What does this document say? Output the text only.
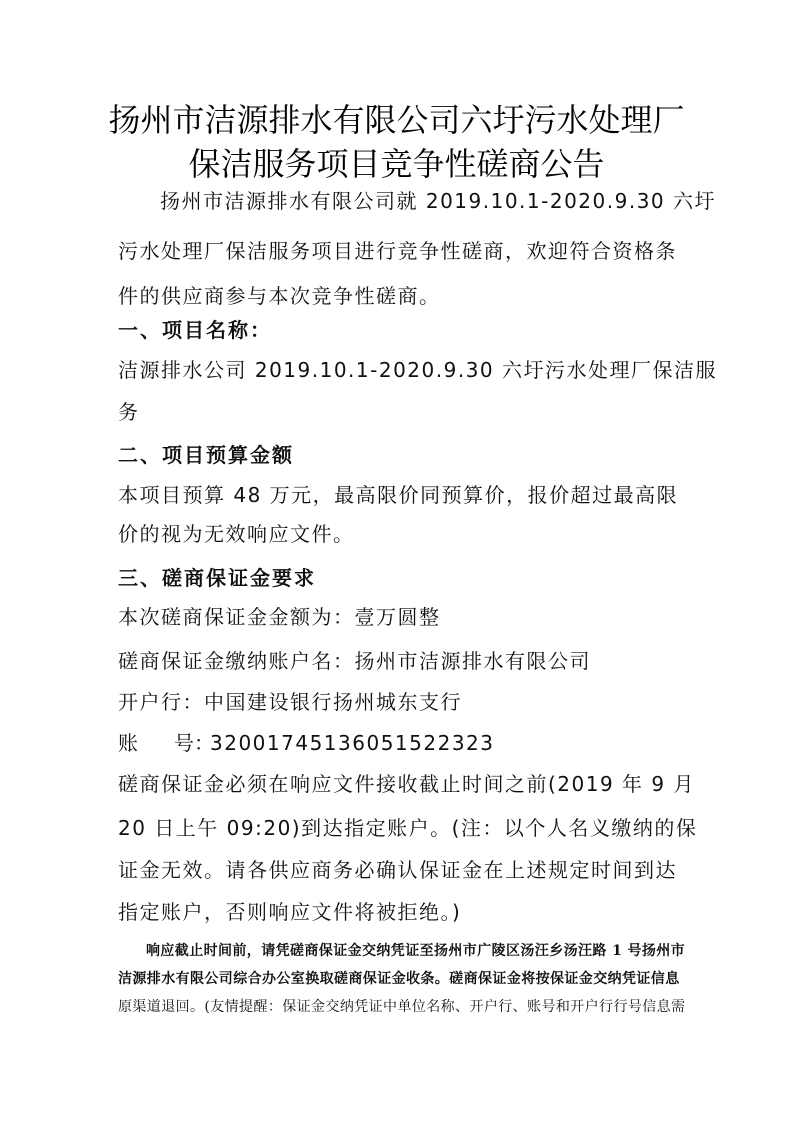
扬州市洁源排水有限公司六圩污水处理厂
保洁服务项目竞争性磋商公告
扬州市洁源排水有限公司就 2019.10.1-2020.9.30 六圩
污水处理厂保洁服务项目进行竞争性磋商，欢迎符合资格条
件的供应商参与本次竞争性磋商。
一、项目名称：
洁源排水公司 2019.10.1-2020.9.30 六圩污水处理厂保洁服
务
二、项目预算金额
本项目预算 48 万元，最高限价同预算价，报价超过最高限
价的视为无效响应文件。
三、磋商保证金要求
本次磋商保证金金额为：壹万圆整
磋商保证金缴纳账户名：扬州市洁源排水有限公司
开户行：中国建设银行扬州城东支行
账 号：32001745136051522323
磋商保证金必须在响应文件接收截止时间之前(2019 年 9 月
20 日上午 09:20)到达指定账户。(注：以个人名义缴纳的保
证金无效。请各供应商务必确认保证金在上述规定时间到达
指定账户，否则响应文件将被拒绝。)
响应截止时间前，请凭磋商保证金交纳凭证至扬州市广陵区汤汪乡汤汪路 1 号扬州市
洁源排水有限公司综合办公室换取磋商保证金收条。磋商保证金将按保证金交纳凭证信息
原渠道退回。(友情提醒：保证金交纳凭证中单位名称、开户行、账号和开户行行号信息需
